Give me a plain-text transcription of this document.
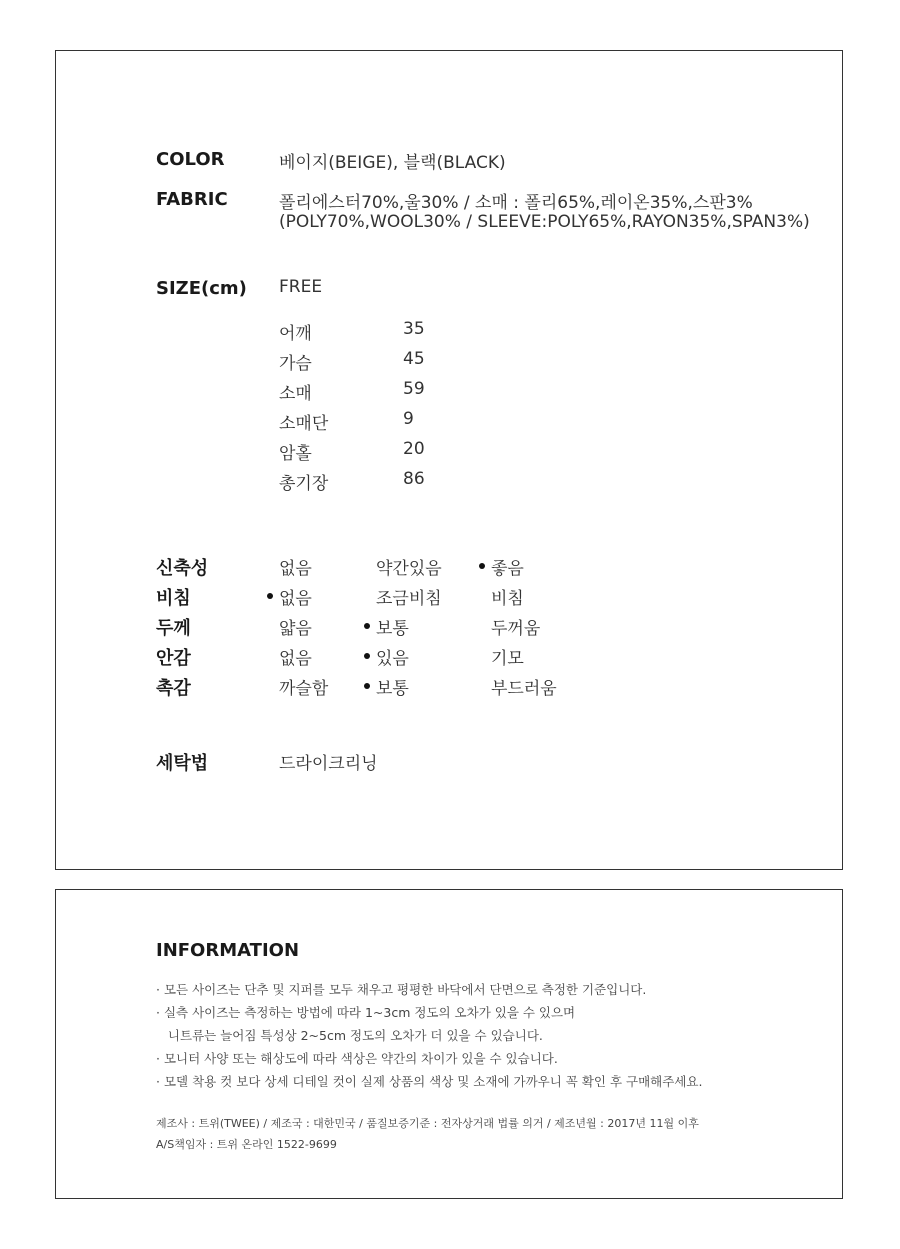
COLOR	베이지(BEIGE), 블랙(BLACK)
FABRIC	폴리에스터70%,울30% / 소매 : 폴리65%,레이온35%,스판3%
(POLY70%,WOOL30% / SLEEVE:POLY65%,RAYON35%,SPAN3%)
SIZE(cm) FREE
어깨	35
가슴	45
소매	59
소매단	9
암홀	20
총기장	86
신축성	없음	약간있음	좋음
비침	없음	조금비침	비침
두께	얇음	보통	두꺼움
안감	없음	있음	기모
촉감	까슬함	보통	부드러움
세탁법	드라이크리닝
INFORMATION
· 모든 사이즈는 단추 및 지퍼를 모두 채우고 평평한 바닥에서 단면으로 측정한 기준입니다.
· 실측 사이즈는 측정하는 방법에 따라 1~3cm 정도의 오차가 있을 수 있으며
니트류는 늘어짐 특성상 2~5cm 정도의 오차가 더 있을 수 있습니다.
· 모니터 사양 또는 해상도에 따라 색상은 약간의 차이가 있을 수 있습니다.
· 모델 착용 컷 보다 상세 디테일 컷이 실제 상품의 색상 및 소재에 가까우니 꼭 확인 후 구매해주세요.
제조사 : 트위(TWEE) / 제조국 : 대한민국 / 품질보증기준 : 전자상거래 법률 의거 / 제조년월 : 2017년 11월 이후
A/S책임자 : 트위 온라인 1522-9699
